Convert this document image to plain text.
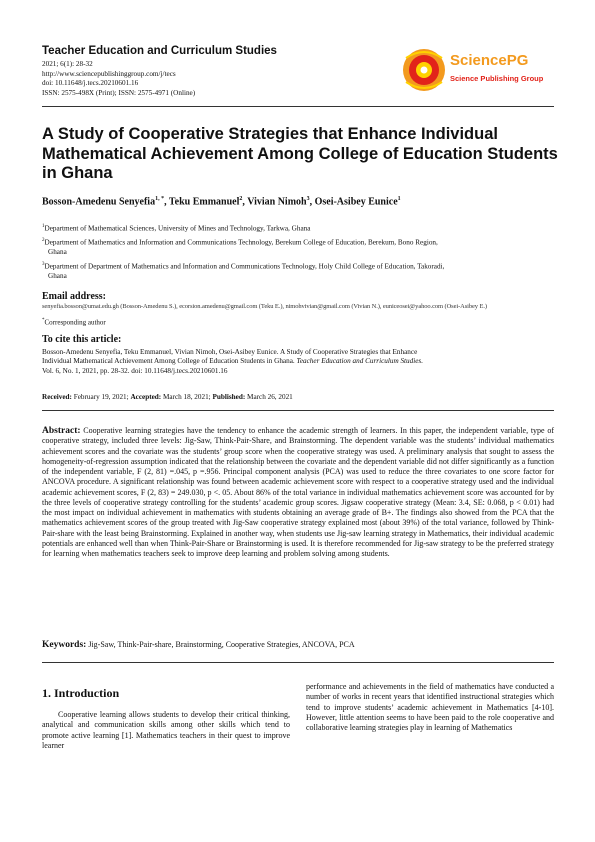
Teacher Education and Curriculum Studies
2021; 6(1): 28-32
http://www.sciencepublishinggroup.com/j/tecs
doi: 10.11648/j.tecs.20210601.16
ISSN: 2575-498X (Print); ISSN: 2575-4971 (Online)
SciencePG
Science Publishing Group
A Study of Cooperative Strategies that Enhance Individual Mathematical Achievement Among College of Education Students in Ghana
Bosson-Amedenu Senyefia$^{1, *}$, Teku Emmanuel$^2$, Vivian Nimoh$^3$, Osei-Asibey Eunice$^1$
$^1$Department of Mathematical Sciences, University of Mines and Technology, Tarkwa, Ghana
$^2$Department of Mathematics and Information and Communications Technology, Berekum College of Education, Berekum, Bono Region,
Ghana
$^3$Department of Department of Mathematics and Information and Communications Technology, Holy Child College of Education, Takoradi,
Ghana
Email address:
senyefia.bosson@umat.edu.gh (Bosson-Amedenu S.), ecorsion.amedenu@gmail.com (Teku E.), nimohvivian@gmail.com (Vivian N.), euniceosei@yahoo.com (Osei-Asibey E.)
*Corresponding author
To cite this article:
Bosson-Amedenu Senyefia, Teku Emmanuel, Vivian Nimoh, Osei-Asibey Eunice. A Study of Cooperative Strategies that Enhance
Individual Mathematical Achievement Among College of Education Students in Ghana. Teacher Education and Curriculum Studies.
Vol. 6, No. 1, 2021, pp. 28-32. doi: 10.11648/j.tecs.20210601.16
Received: February 19, 2021; Accepted: March 18, 2021; Published: March 26, 2021
Abstract: Cooperative learning strategies have the tendency to enhance the academic strength of learners. In this paper, the independent variable, type of cooperative strategy, included three levels: Jig-Saw, Think-Pair-Share, and Brainstorming. The dependent variable was the students’ individual mathematics achievement scores and the covariate was the students’ group score when the cooperative strategy was used. A preliminary analysis that sought to assess the homogeneity-of-regression assumption indicated that the relationship between the covariate and the dependent variable did not differ significantly as a function of the independent variable, F (2, 81) =.045, p =.956. Principal component analysis (PCA) was used to reduce the three covariates to one score factor for ANCOVA procedure. A significant relationship was found between academic achievement score with respect to a cooperative strategy used and the individual academic achievement scores, F (2, 83) = 249.030, p <. 05. About 86% of the total variance in individual mathematics achievement score was accounted for by the three levels of cooperative strategy controlling for the students’ academic group scores. Jigsaw cooperative strategy (Mean: 3.4, SE: 0.068, p < 0.01) had the most impact on individual achievement in mathematics with students obtaining an average grade of B+. The findings also showed from the PCA that the mathematics achievement scores of the group treated with Jig-Saw cooperative strategy explained most (about 39%) of the total variance, followed by Think-Pair-share with the least being Brainstorming. Explained in another way, when students use Jig-saw learning strategy in Mathematics, their individual academic potentials are enhanced well than when Think-Pair-Share or Brainstorming is used. It is therefore recommended for Jig-saw strategy to be the preferred strategy for learning when mathematics teachers seek to improve deep learning and problem solving among students.
Keywords: Jig-Saw, Think-Pair-share, Brainstorming, Cooperative Strategies, ANCOVA, PCA
1. Introduction
Cooperative learning allows students to develop their critical thinking, analytical and communication skills among other skills which tend to promote active learning [1]. Mathematics teachers in their quest to improve learner
performance and achievements in the field of mathematics have conducted a number of works in recent years that identified instructional strategies which tend to improve students’ academic achievement in Mathematics [4-10]. However, little attention seems to have been paid to the role cooperative and collaborative learning strategies play in learning of Mathematics
